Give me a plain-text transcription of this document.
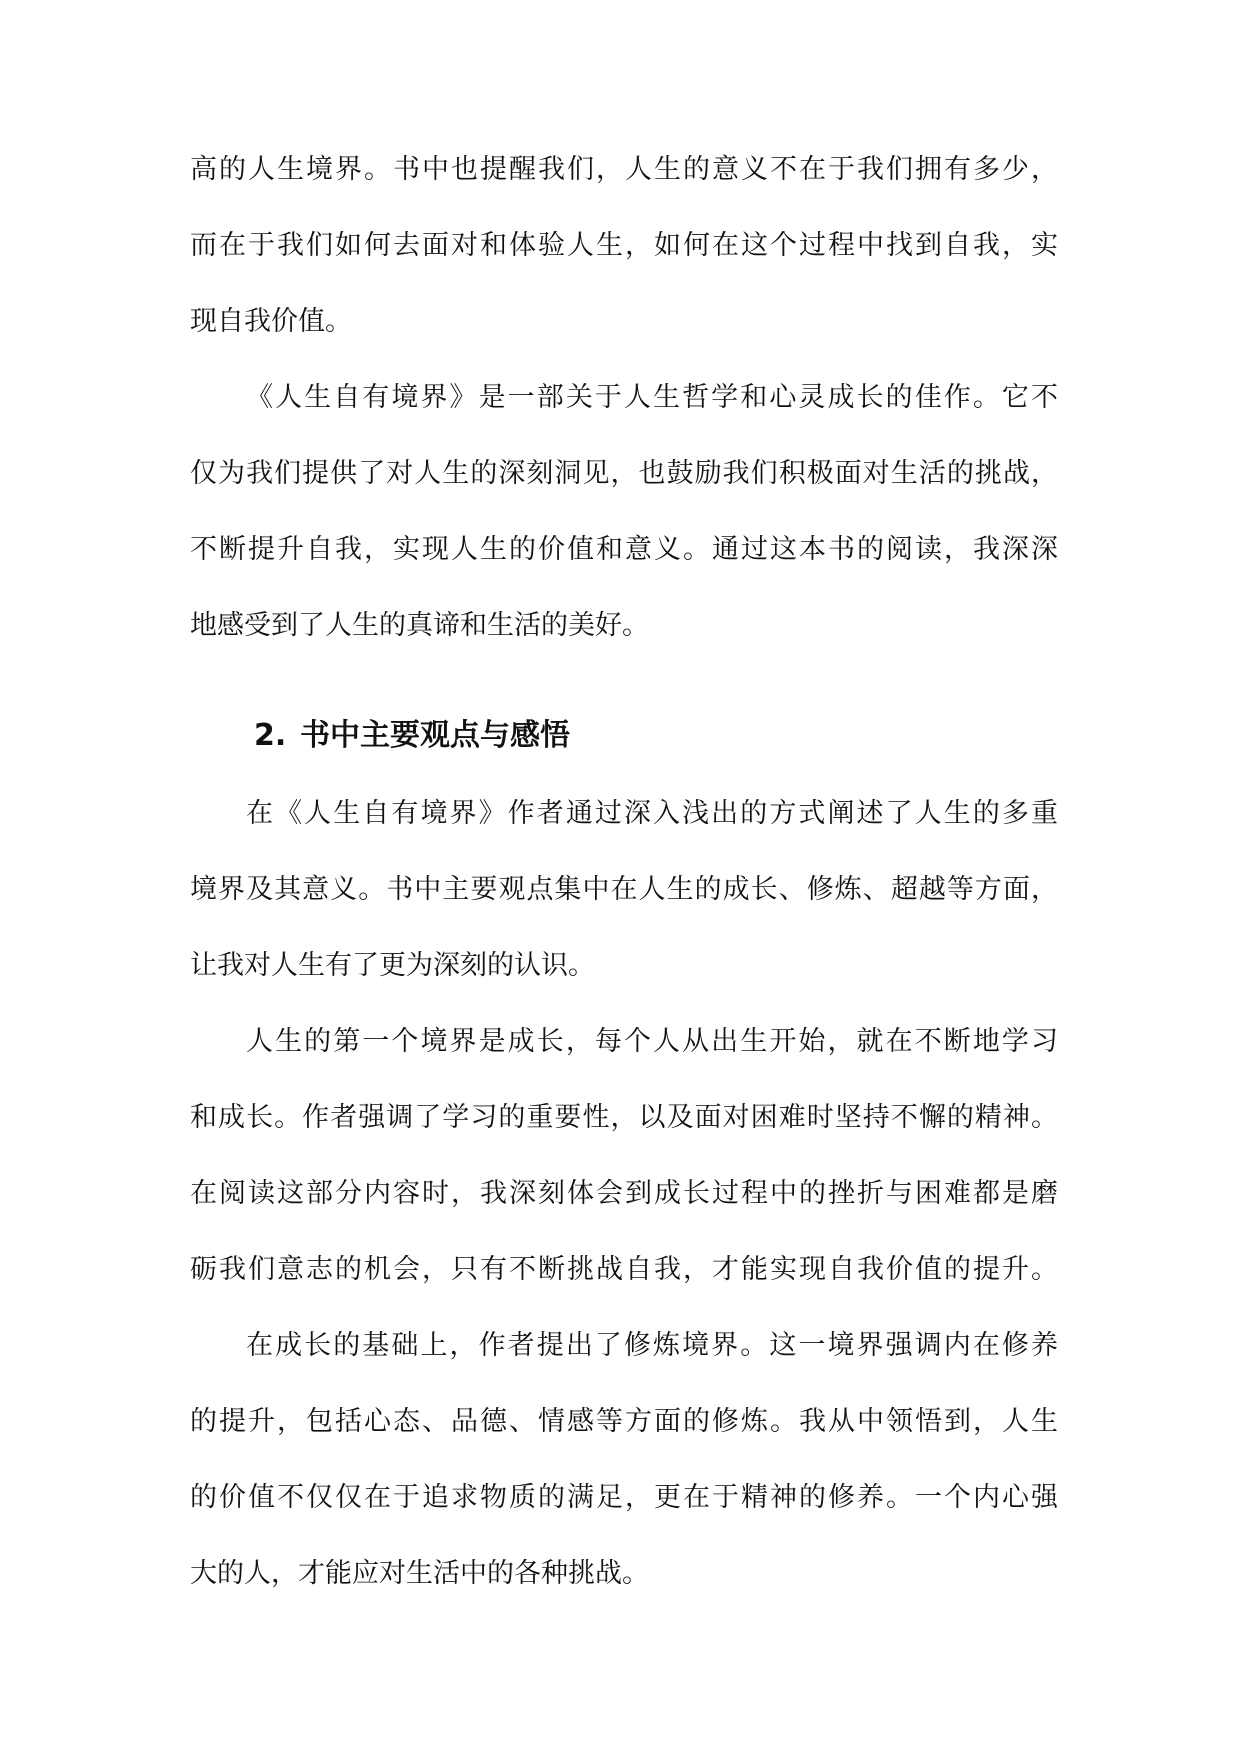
高的人生境界。书中也提醒我们，人生的意义不在于我们拥有多少，
而在于我们如何去面对和体验人生，如何在这个过程中找到自我，实
现自我价值。
《人生自有境界》是一部关于人生哲学和心灵成长的佳作。它不
仅为我们提供了对人生的深刻洞见，也鼓励我们积极面对生活的挑战，
不断提升自我，实现人生的价值和意义。通过这本书的阅读，我深深
地感受到了人生的真谛和生活的美好。
2. 书中主要观点与感悟
在《人生自有境界》作者通过深入浅出的方式阐述了人生的多重
境界及其意义。书中主要观点集中在人生的成长、修炼、超越等方面，
让我对人生有了更为深刻的认识。
人生的第一个境界是成长，每个人从出生开始，就在不断地学习
和成长。作者强调了学习的重要性，以及面对困难时坚持不懈的精神。
在阅读这部分内容时，我深刻体会到成长过程中的挫折与困难都是磨
砺我们意志的机会，只有不断挑战自我，才能实现自我价值的提升。
在成长的基础上，作者提出了修炼境界。这一境界强调内在修养
的提升，包括心态、品德、情感等方面的修炼。我从中领悟到，人生
的价值不仅仅在于追求物质的满足，更在于精神的修养。一个内心强
大的人，才能应对生活中的各种挑战。
